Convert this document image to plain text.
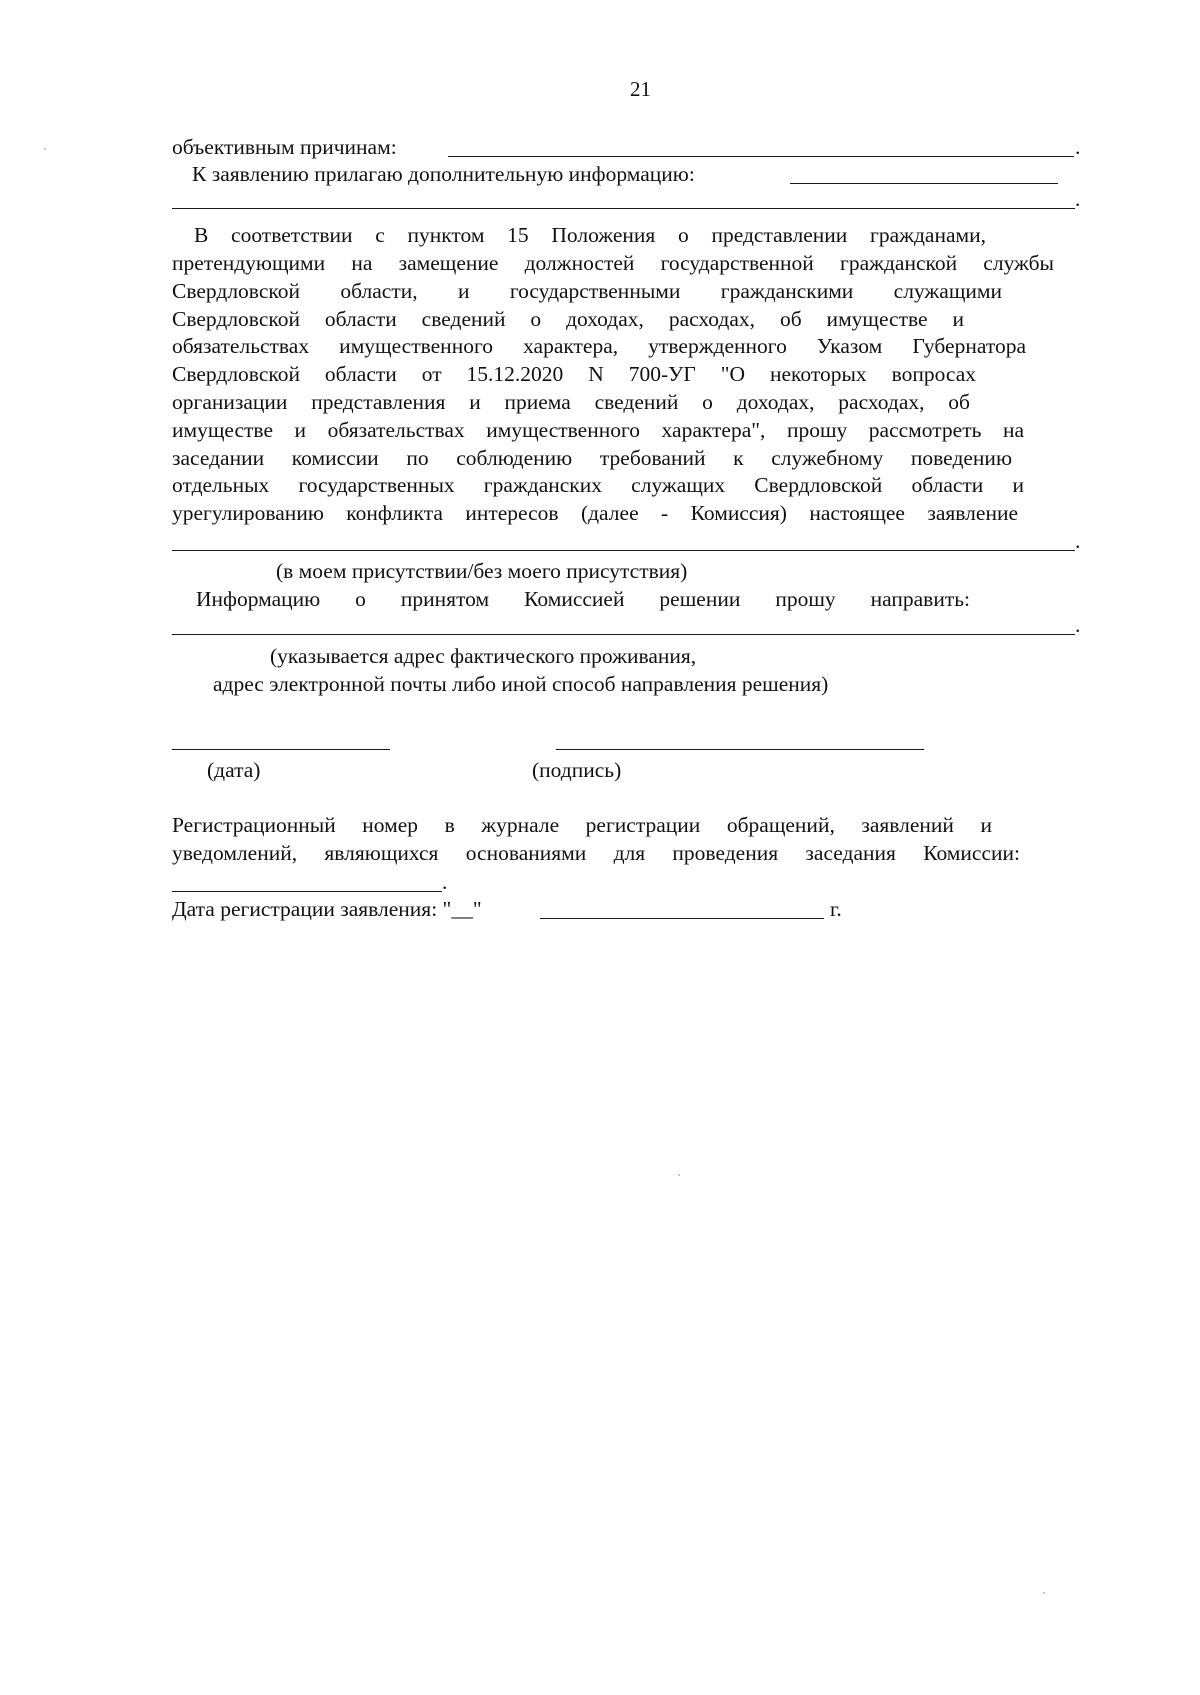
21
объективным причинам:	.
К заявлению прилагаю дополнительную информацию:
.
В соответствии с пунктом 15 Положения о представлении гражданами,
претендующими на замещение должностей государственной гражданской службы
Свердловской области, и государственными гражданскими служащими
Свердловской области сведений о доходах, расходах, об имуществе и
обязательствах имущественного характера, утвержденного Указом Губернатора
Свердловской области от 15.12.2020 N 700-УГ "О некоторых вопросах
организации представления и приема сведений о доходах, расходах, об
имуществе и обязательствах имущественного характера", прошу рассмотреть на
заседании комиссии по соблюдению требований к служебному поведению
отдельных государственных гражданских служащих Свердловской области и
урегулированию конфликта интересов (далее - Комиссия) настоящее заявление
.
(в моем присутствии/без моего присутствия)
Информацию о принятом Комиссией решении прошу направить:
.
(указывается адрес фактического проживания,
адрес электронной почты либо иной способ направления решения)
(дата)	(подпись)
Регистрационный номер в журнале регистрации обращений, заявлений и
уведомлений, являющихся основаниями для проведения заседания Комиссии:
.
Дата регистрации заявления: "__"	г.
